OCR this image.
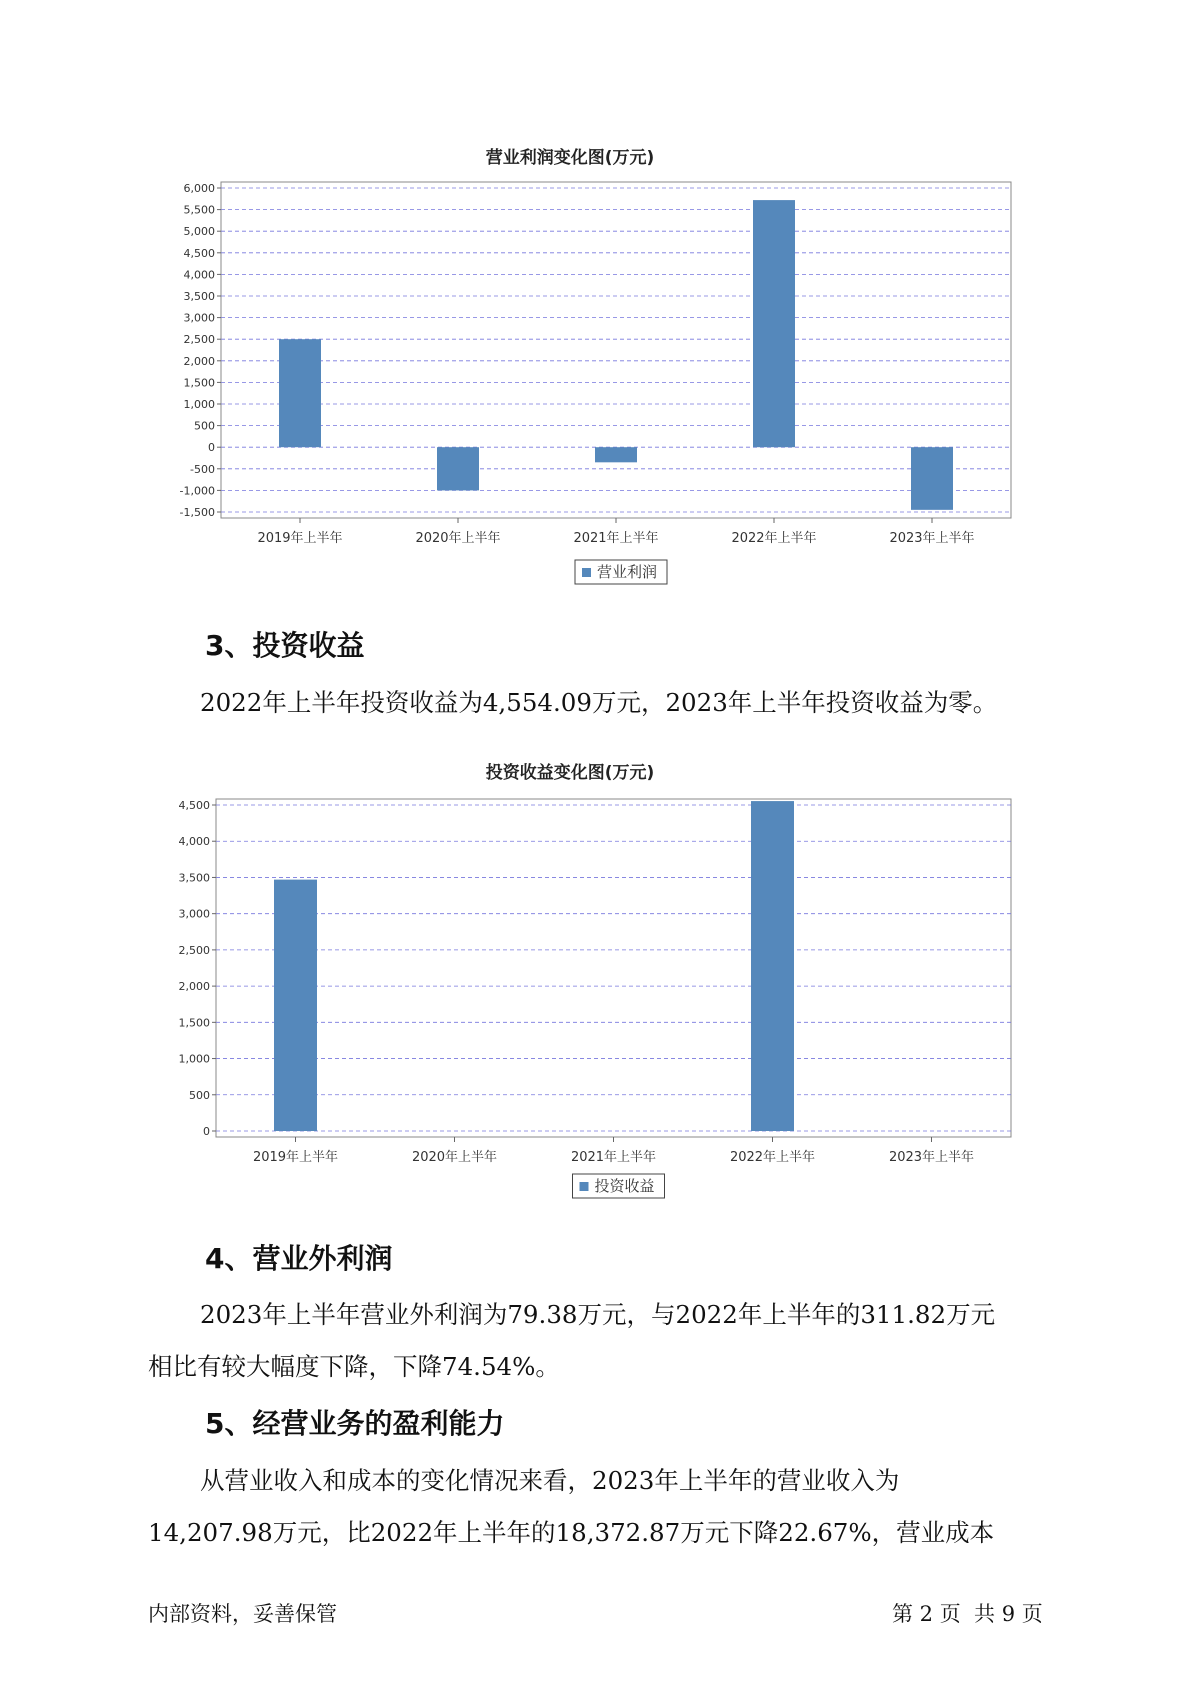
营业利润变化图(万元)
6,000
5,500
5,000
4,500
4,000
3,500
3,000
2,500
2,000
1,500
1,000
500
0
-500
-1,000
-1,500
2019年上半年	2020年上半年	2021年上半年	2022年上半年	2023年上半年
营业利润
3、投资收益
2022年上半年投资收益为4,554.09万元，2023年上半年投资收益为零。
投资收益变化图(万元)
4,500
4,000
3,500
3,000
2,500
2,000
1,500
1,000
500
0
2019年上半年	2020年上半年	2021年上半年	2022年上半年	2023年上半年
投资收益
4、营业外利润
2023年上半年营业外利润为79.38万元，与2022年上半年的311.82万元
相比有较大幅度下降，下降74.54%。
5、经营业务的盈利能力
从营业收入和成本的变化情况来看，2023年上半年的营业收入为
14,207.98万元，比2022年上半年的18,372.87万元下降22.67%，营业成本
内部资料，妥善保管	第 2 页  共 9 页
